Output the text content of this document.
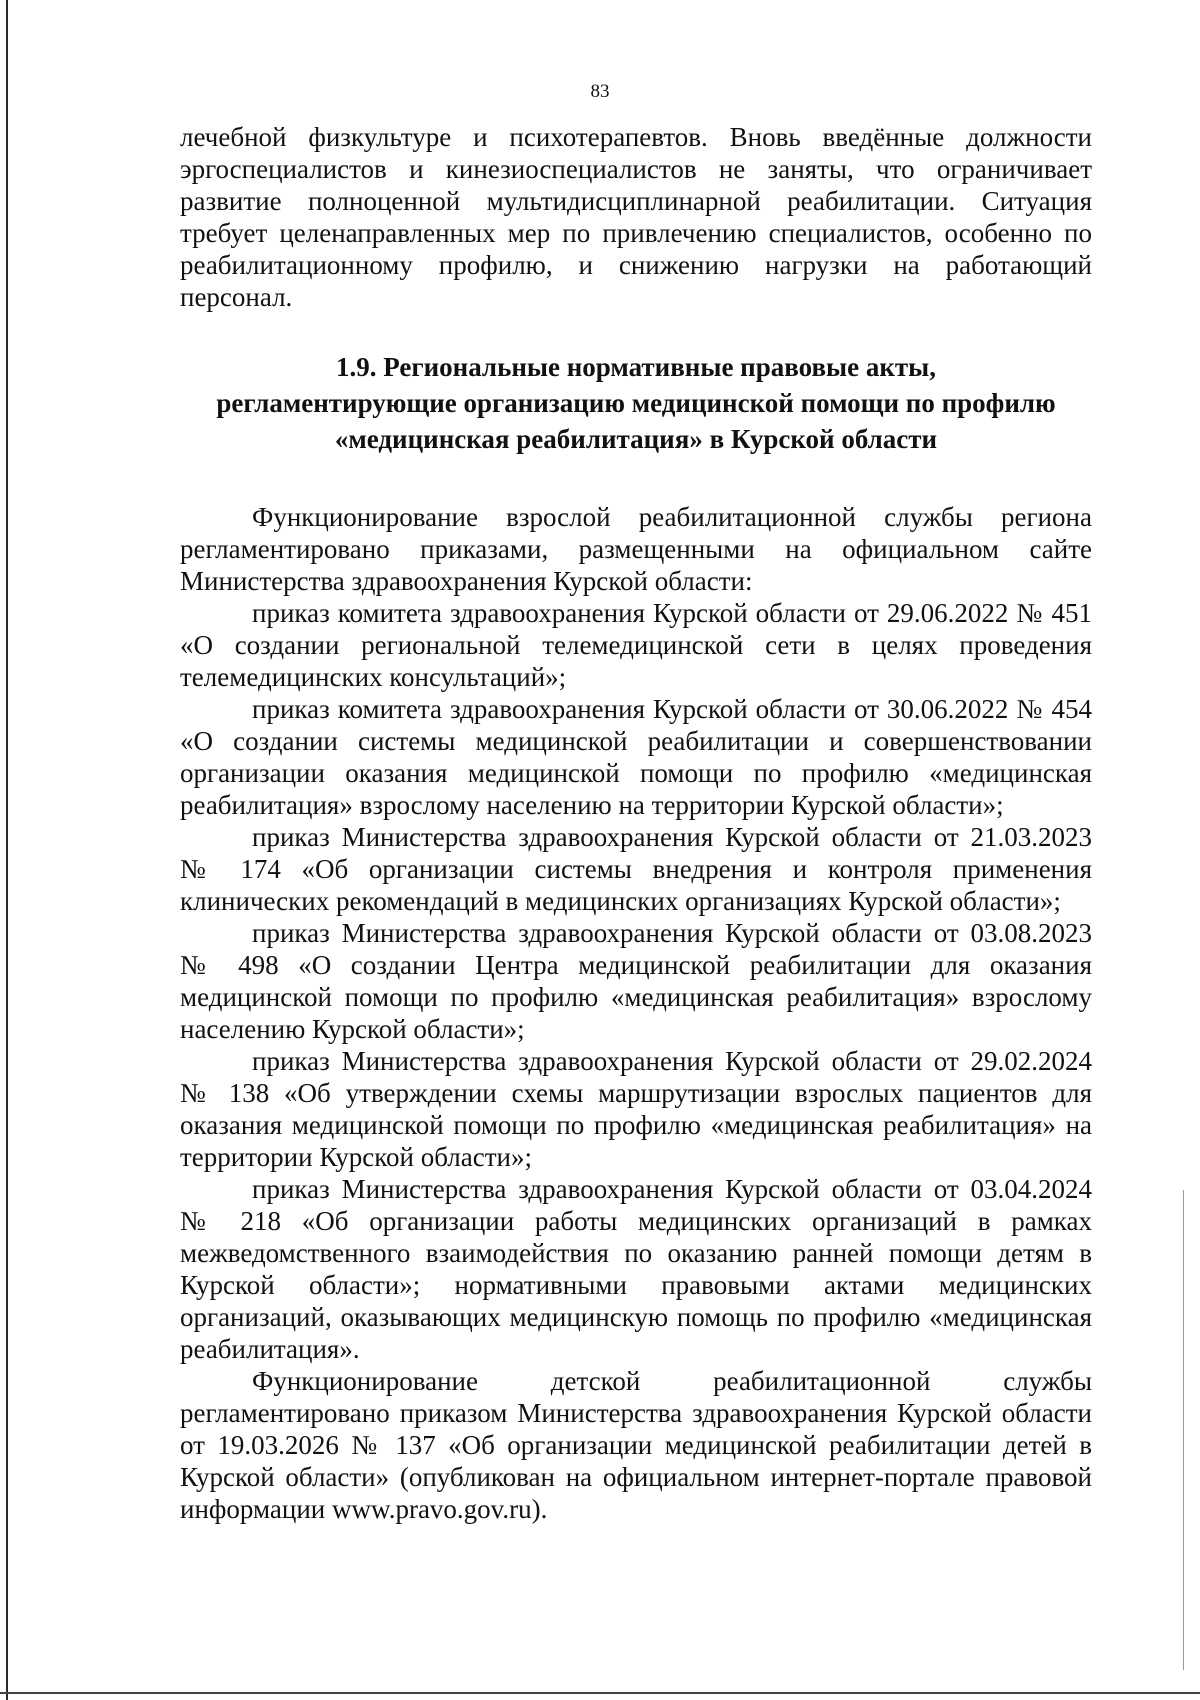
83

лечебной физкультуре и психотерапевтов. Вновь введённые должности эргоспециалистов и кинезиоспециалистов не заняты, что ограничивает развитие полноценной мультидисциплинарной реабилитации. Ситуация требует целенаправленных мер по привлечению специалистов, особенно по реабилитационному профилю, и снижению нагрузки на работающий персонал.

1.9. Региональные нормативные правовые акты,
регламентирующие организацию медицинской помощи по профилю
«медицинская реабилитация» в Курской области

Функционирование взрослой реабилитационной службы региона регламентировано приказами, размещенными на официальном сайте Министерства здравоохранения Курской области:

приказ комитета здравоохранения Курской области от 29.06.2022 № 451 «О создании региональной телемедицинской сети в целях проведения телемедицинских консультаций»;

приказ комитета здравоохранения Курской области от 30.06.2022 № 454 «О создании системы медицинской реабилитации и совершенствовании организации оказания медицинской помощи по профилю «медицинская реабилитация» взрослому населению на территории Курской области»;

приказ Министерства здравоохранения Курской области от 21.03.2023 № 174 «Об организации системы внедрения и контроля применения клинических рекомендаций в медицинских организациях Курской области»;

приказ Министерства здравоохранения Курской области от 03.08.2023 № 498 «О создании Центра медицинской реабилитации для оказания медицинской помощи по профилю «медицинская реабилитация» взрослому населению Курской области»;

приказ Министерства здравоохранения Курской области от 29.02.2024 № 138 «Об утверждении схемы маршрутизации взрослых пациентов для оказания медицинской помощи по профилю «медицинская реабилитация» на территории Курской области»;

приказ Министерства здравоохранения Курской области от 03.04.2024 № 218 «Об организации работы медицинских организаций в рамках межведомственного взаимодействия по оказанию ранней помощи детям в Курской области»; нормативными правовыми актами медицинских организаций, оказывающих медицинскую помощь по профилю «медицинская реабилитация».

Функционирование детской реабилитационной службы регламентировано приказом Министерства здравоохранения Курской области от 19.03.2026 № 137 «Об организации медицинской реабилитации детей в Курской области» (опубликован на официальном интернет-портале правовой информации www.pravo.gov.ru).
